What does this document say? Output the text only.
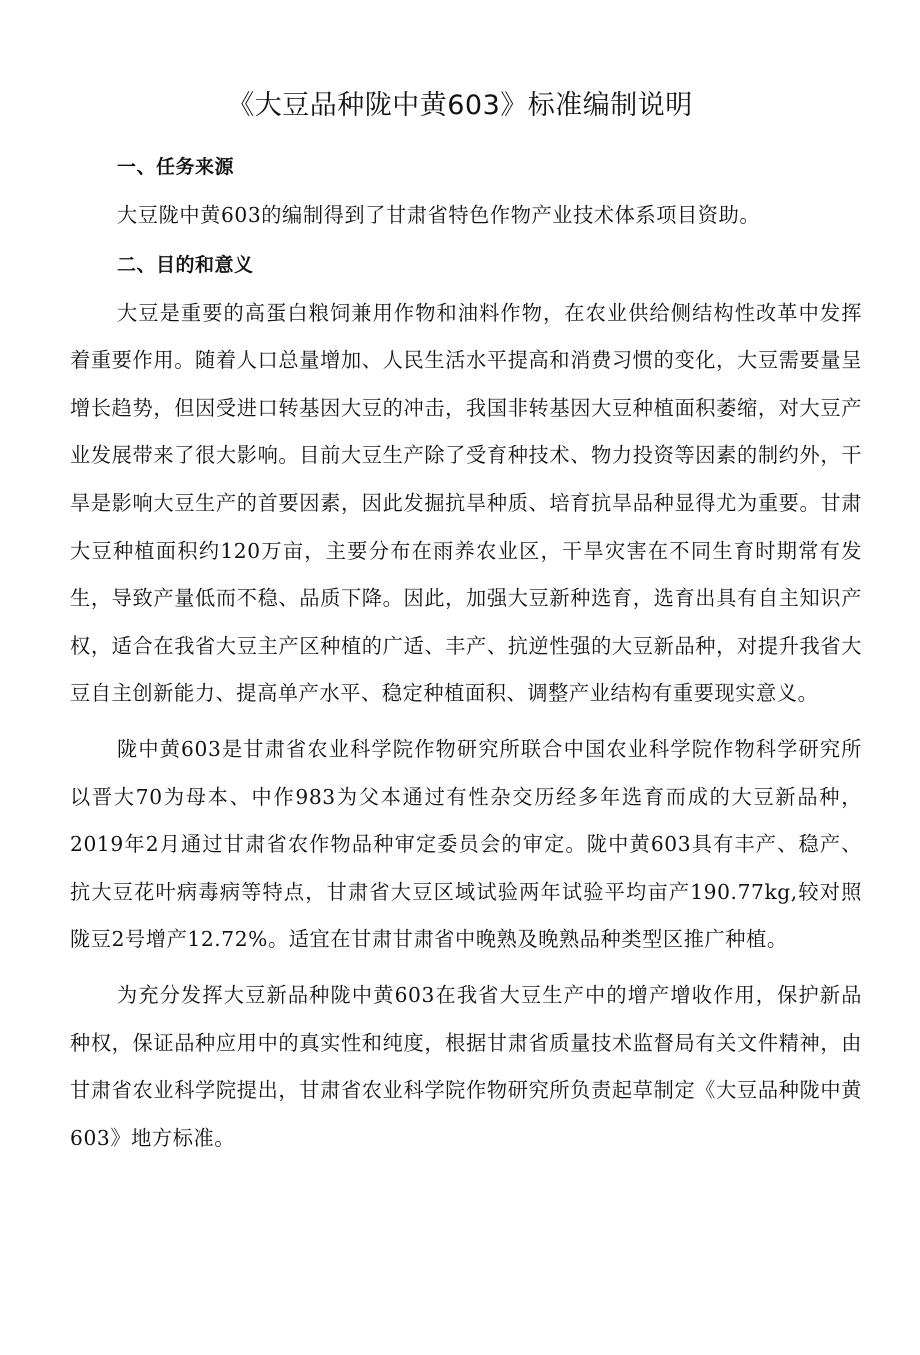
《大豆品种陇中黄603》标准编制说明

一、任务来源

大豆陇中黄603的编制得到了甘肃省特色作物产业技术体系项目资助。

二、目的和意义

大豆是重要的高蛋白粮饲兼用作物和油料作物，在农业供给侧结构性改革中发挥着重要作用。随着人口总量增加、人民生活水平提高和消费习惯的变化，大豆需要量呈增长趋势，但因受进口转基因大豆的冲击，我国非转基因大豆种植面积萎缩，对大豆产业发展带来了很大影响。目前大豆生产除了受育种技术、物力投资等因素的制约外，干旱是影响大豆生产的首要因素，因此发掘抗旱种质、培育抗旱品种显得尤为重要。甘肃大豆种植面积约120万亩，主要分布在雨养农业区，干旱灾害在不同生育时期常有发生，导致产量低而不稳、品质下降。因此，加强大豆新种选育，选育出具有自主知识产权，适合在我省大豆主产区种植的广适、丰产、抗逆性强的大豆新品种，对提升我省大豆自主创新能力、提高单产水平、稳定种植面积、调整产业结构有重要现实意义。

陇中黄603是甘肃省农业科学院作物研究所联合中国农业科学院作物科学研究所以晋大70为母本、中作983为父本通过有性杂交历经多年选育而成的大豆新品种，2019年2月通过甘肃省农作物品种审定委员会的审定。陇中黄603具有丰产、稳产、抗大豆花叶病毒病等特点，甘肃省大豆区域试验两年试验平均亩产190.77kg,较对照陇豆2号增产12.72%。适宜在甘肃甘肃省中晚熟及晚熟品种类型区推广种植。

为充分发挥大豆新品种陇中黄603在我省大豆生产中的增产增收作用，保护新品种权，保证品种应用中的真实性和纯度，根据甘肃省质量技术监督局有关文件精神，由甘肃省农业科学院提出，甘肃省农业科学院作物研究所负责起草制定《大豆品种陇中黄603》地方标准。
